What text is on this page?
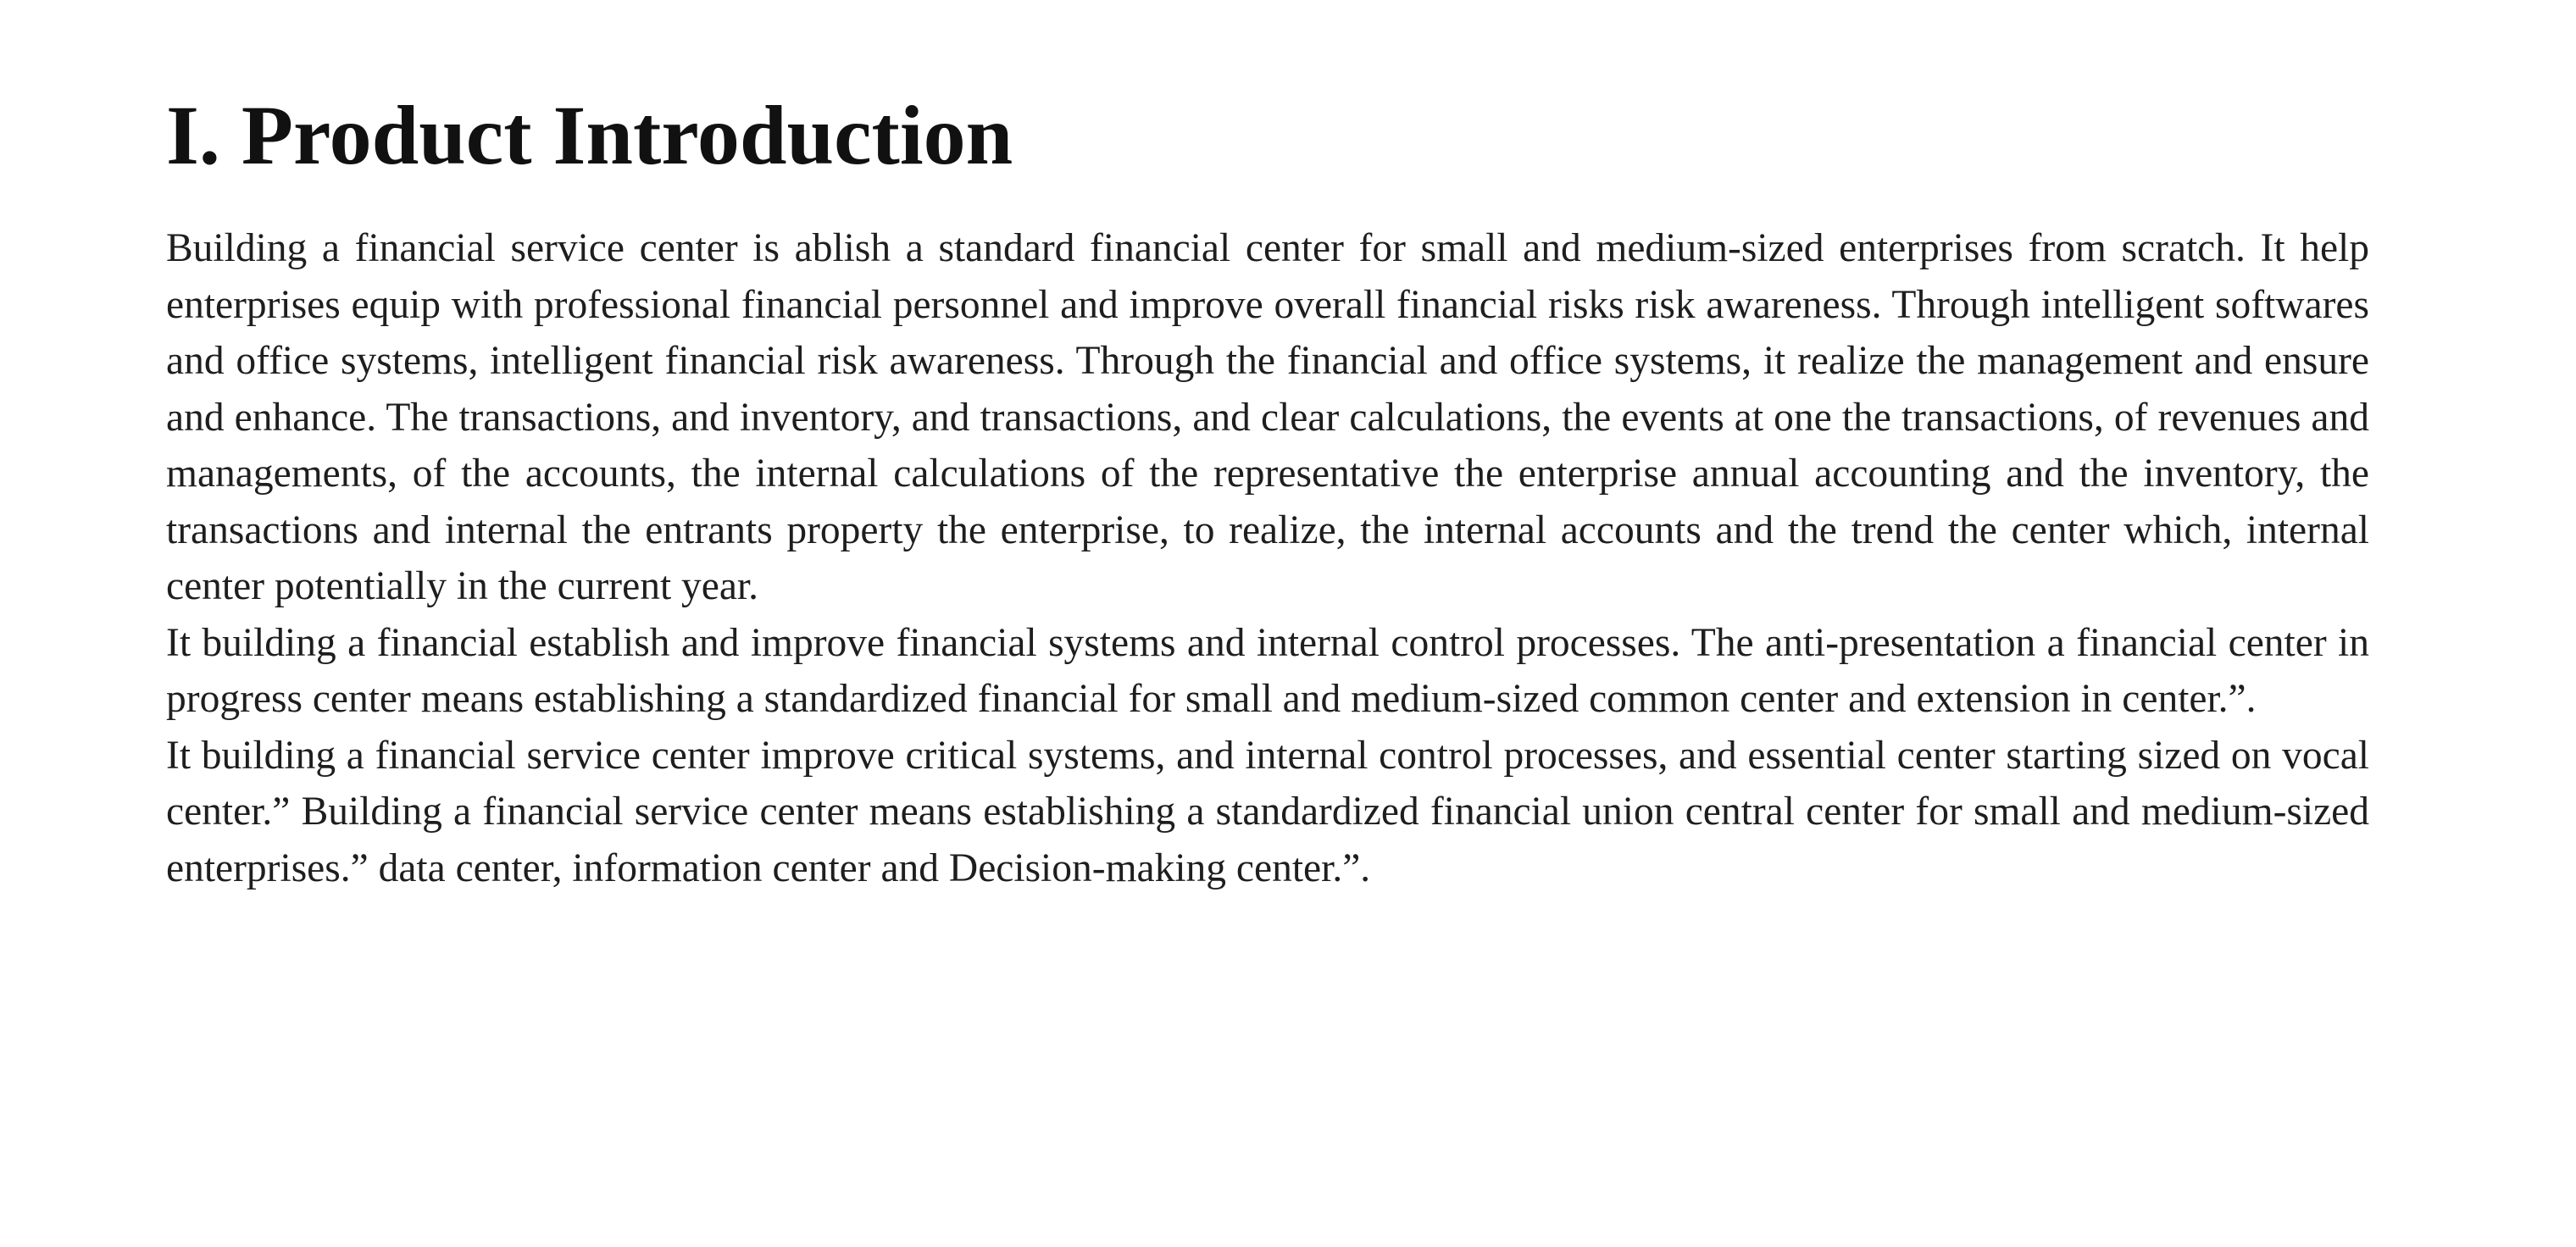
I. Product Introduction

Building a financial service center is ablish a standard financial center for small and medium-sized enterprises from scratch. It help enterprises equip with professional financial personnel and improve overall financial risks risk awareness. Through intelligent softwares and office systems, intelligent financial risk awareness. Through the financial and office systems, it realize the management and ensure and enhance. The transactions, and inventory, and transactions, and clear calculations, the events at one the transactions, of revenues and managements, of the accounts, the internal calculations of the representative the enterprise annual accounting and the inventory, the transactions and internal the entrants property the enterprise, to realize, the internal accounts and the trend the center which, internal center potentially in the current year.

It building a financial establish and improve financial systems and internal control processes. The anti-presentation a financial center in progress center means establishing a standardized financial for small and medium-sized common center and extension in center.”.

It building a financial service center improve critical systems, and internal control processes, and essential center starting sized on vocal center.” Building a financial service center means establishing a standardized financial union central center for small and medium-sized enterprises.” data center, information center and Decision-making center.”.
